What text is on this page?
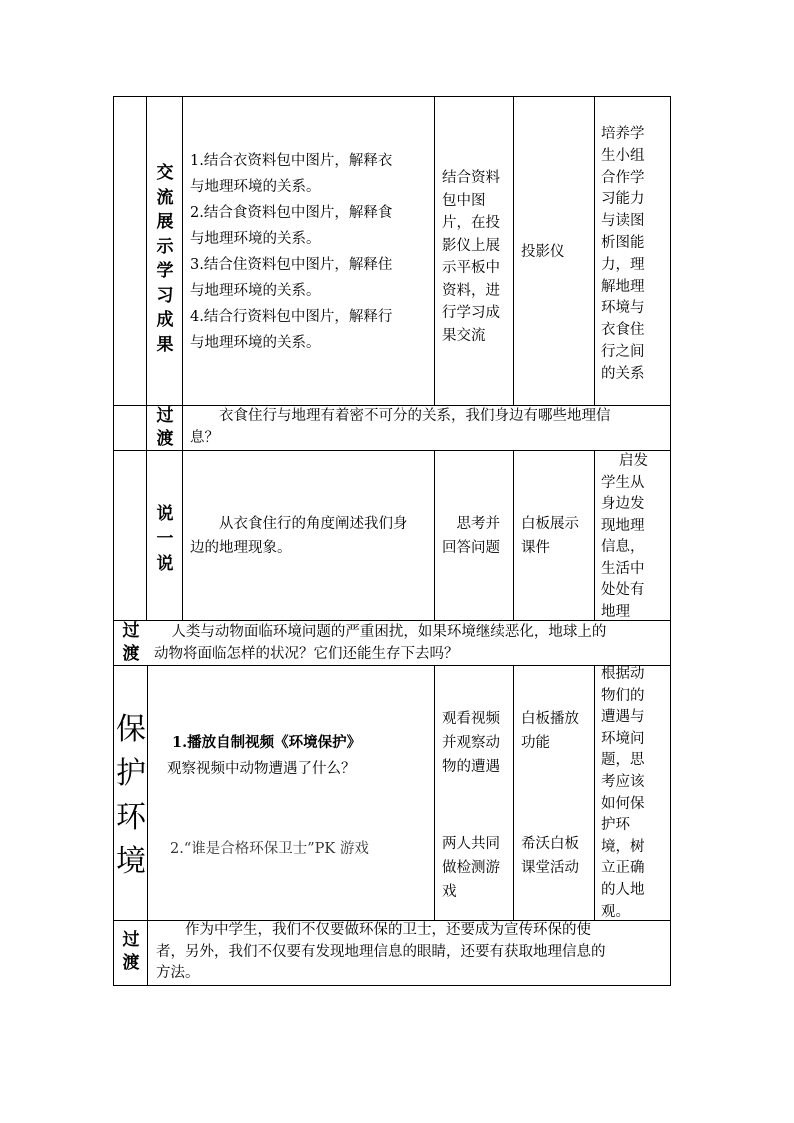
交
流
展
示
学
习
成
果

1.结合衣资料包中图片，解释衣

与地理环境的关系。

2.结合食资料包中图片，解释食

与地理环境的关系。

3.结合住资料包中图片，解释住

与地理环境的关系。

4.结合行资料包中图片，解释行

与地理环境的关系。

结合资料

包中图

片，在投

影仪上展

示平板中

资料，进

行学习成

果交流

投影仪

培养学

生小组

合作学

习能力

与读图

析图能

力，理

解地理

环境与

衣食住

行之间

的关系

过
渡

衣食住行与地理有着密不可分的关系，我们身边有哪些地理信

息？

说
一
说

从衣食住行的角度阐述我们身

边的地理现象。

思考并

回答问题

白板展示

课件

启发

学生从

身边发

现地理

信息，

生活中

处处有

地理

过
渡

人类与动物面临环境问题的严重困扰，如果环境继续恶化，地球上的

动物将面临怎样的状况？它们还能生存下去吗？

保
护
环
境

1.播放自制视频《环境保护》

观察视频中动物遭遇了什么？

2.“谁是合格环保卫士”PK 游戏

观看视频

并观察动

物的遭遇

两人共同

做检测游

戏

白板播放

功能

希沃白板

课堂活动

根据动

物们的

遭遇与

环境问

题，思

考应该

如何保

护环

境，树

立正确

的人地

观。

过
渡

作为中学生，我们不仅要做环保的卫士，还要成为宣传环保的使

者，另外，我们不仅要有发现地理信息的眼睛，还要有获取地理信息的

方法。
